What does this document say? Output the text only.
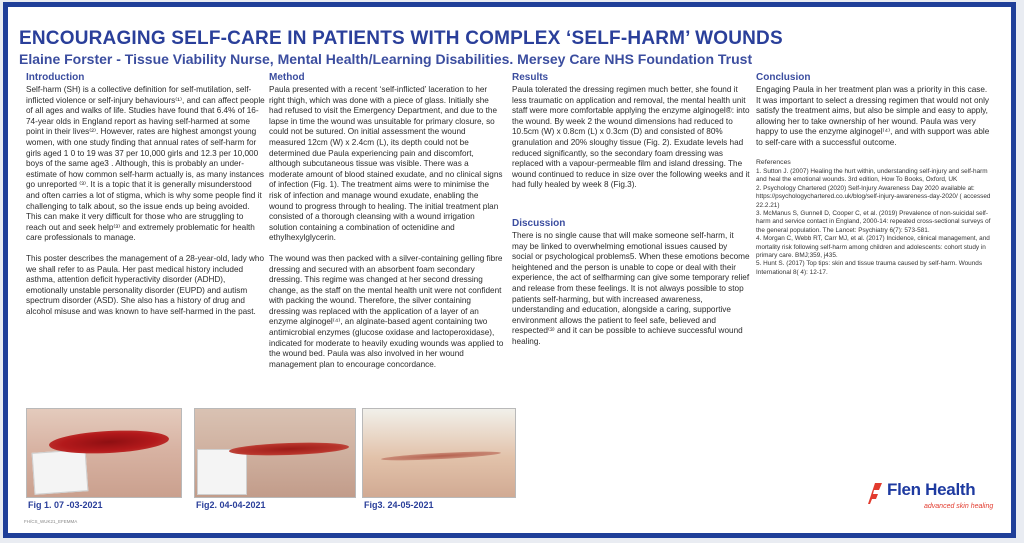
ENCOURAGING SELF-CARE IN PATIENTS WITH COMPLEX ‘SELF-HARM’ WOUNDS
Elaine Forster - Tissue Viability Nurse, Mental Health/Learning Disabilities. Mersey Care NHS Foundation Trust
Introduction

Self-harm (SH) is a collective definition for self-mutilation, self-inflicted violence or self-injury behaviours⁽¹⁾, and can affect people of all ages and walks of life. Studies have found that 6.4% of 16-74-year olds in England report as having self-harmed at some point in their lives⁽²⁾. However, rates are highest amongst young women, with one study finding that annual rates of self-harm for girls aged 1 0 to 19 was 37 per 10,000 girls and 12.3 per 10,000 boys of the same age3 . Although, this is probably an under-estimate of how common self-harm actually is, as many instances go unreported ⁽³⁾. It is a topic that it is generally misunderstood and often carries a lot of stigma, which is why some people find it challenging to talk about, so the issue ends up being avoided. This can make it very difficult for those who are struggling to reach out and seek help⁽³⁾ and extremely problematic for health care professionals to manage.

This poster describes the management of a 28-year-old, lady who we shall refer to as Paula. Her past medical history included asthma, attention deficit hyperactivity disorder (ADHD), emotionally unstable personality disorder (EUPD) and autism spectrum disorder (ASD). She also has a history of drug and alcohol misuse and was known to have self-harmed in the past.

Method

Paula presented with a recent ‘self-inflicted’ laceration to her right thigh, which was done with a piece of glass. Initially she had refused to visit the Emergency Department, and due to the lapse in time the wound was unsuitable for primary closure, so could not be sutured. On initial assessment the wound measured 12cm (W) x 2.4cm (L), its depth could not be determined due Paula experiencing pain and discomfort, although subcutaneous tissue was visible. There was a moderate amount of blood stained exudate, and no clinical signs of infection (Fig. 1). The treatment aims were to minimise the risk of infection and manage wound exudate, enabling the wound to progress through to healing. The initial treatment plan consisted of a thorough cleansing with a wound irrigation solution containing a combination of octenidine and ethylhexylglycerin.

The wound was then packed with a silver-containing gelling fibre dressing and secured with an absorbent foam secondary dressing. This regime was changed at her second dressing change, as the staff on the mental health unit were not confident with packing the wound. Therefore, the silver containing dressing was replaced with the application of a layer of an enzyme alginogel⁽⁴⁾, an alginate-based agent containing two antimicrobial enzymes (glucose oxidase and lactoperoxidase), indicated for moderate to heavily exuding wounds was applied to the wound bed. Paula was also involved in her wound management plan to encourage concordance.

Results

Paula tolerated the dressing regimen much better, she found it less traumatic on application and removal, the mental health unit staff were more comfortable applying the enzyme alginogel®: into the wound. By week 2 the wound dimensions had reduced to 10.5cm (W) x 0.8cm (L) x 0.3cm (D) and consisted of 80% granulation and 20% sloughy tissue (Fig. 2). Exudate levels had reduced significantly, so the secondary foam dressing was replaced with a vapour-permeable film and island dressing. The wound continued to reduce in size over the following weeks and it had fully healed by week 8 (Fig.3).

Discussion

There is no single cause that will make someone self-harm, it may be linked to overwhelming emotional issues caused by social or psychological problems5. When these emotions become heightened and the person is unable to cope or deal with their experience, the act of selfharming can give some temporary relief and release from these feelings. It is not always possible to stop patients self-harming, but with increased awareness, understanding and education, alongside a caring, supportive environment allows the patient to feel safe, believed and respected⁽³⁾ and it can be possible to achieve successful wound healing.

Conclusion

Engaging Paula in her treatment plan was a priority in this case. It was important to select a dressing regimen that would not only satisfy the treatment aims, but also be simple and easy to apply, allowing her to take ownership of her wound. Paula was very happy to use the enzyme alginogel⁽⁴⁾, and with support was able to self-care with a successful outcome.

References
1. Sutton J. (2007) Healing the hurt within, understanding self-injury and self-harm and heal the emotional wounds. 3rd edition, How To Books, Oxford, UK
2. Psychology Chartered (2020) Self-Injury Awareness Day 2020 available at: https://psychologychartered.co.uk/blog/self-injury-awareness-day-2020/ ( accessed 22.2.21)
3. McManus S, Gunnell D, Cooper C, et al. (2019) Prevalence of non-suicidal self-harm and service contact in England, 2000-14: repeated cross-sectional surveys of the general population. The Lancet: Psychiatry 6(7): 573-581.
4. Morgan C, Webb RT, Carr MJ, et al. (2017) Incidence, clinical management, and mortality risk following self-harm among children and adolescents: cohort study in primary care. BMJ;359, j435.
5. Hunt S. (2017) Top tips: skin and tissue trauma caused by self-harm. Wounds International 8( 4): 12-17.
Fig 1. 07 -03-2021	Fig2. 04-04-2021	Fig3. 24-05-2021
FH/CS_WUK21_EFEMMA
Flen Health
advanced skin healing
